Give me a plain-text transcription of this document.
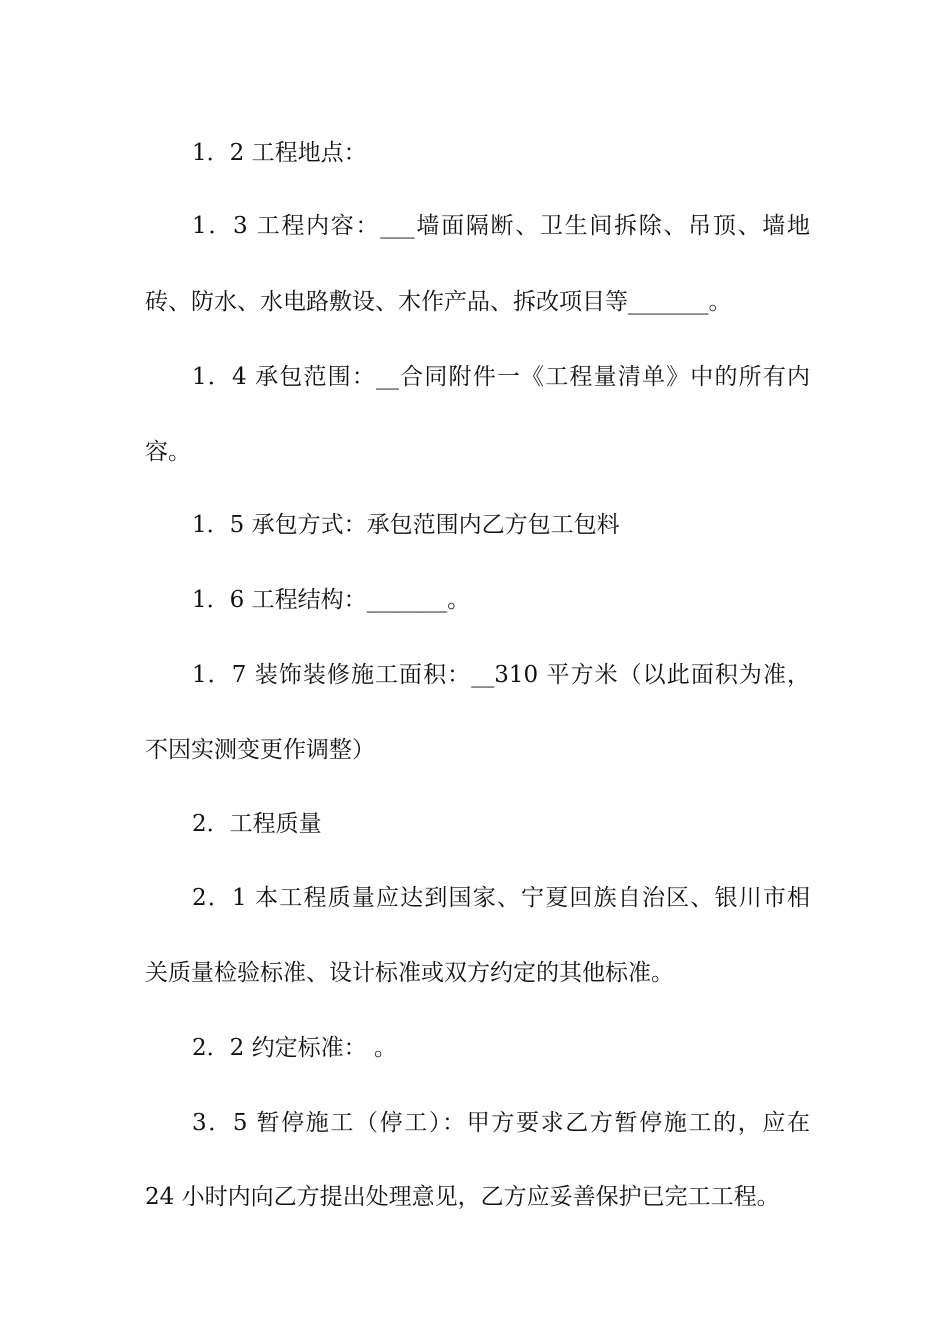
1．2 工程地点：
1．3 工程内容：___墙面隔断、卫生间拆除、吊顶、墙地
砖、防水、水电路敷设、木作产品、拆改项目等_______。
1．4 承包范围：__合同附件一《工程量清单》中的所有内
容。
1．5 承包方式：承包范围内乙方包工包料
1．6 工程结构：_______。
1．7 装饰装修施工面积：__310 平方米（以此面积为准，
不因实测变更作调整）
2．工程质量
2．1 本工程质量应达到国家、宁夏回族自治区、银川市相
关质量检验标准、设计标准或双方约定的其他标准。
2．2 约定标准： 。
3．5 暂停施工（停工）：甲方要求乙方暂停施工的，应在
24 小时内向乙方提出处理意见，乙方应妥善保护已完工工程。
